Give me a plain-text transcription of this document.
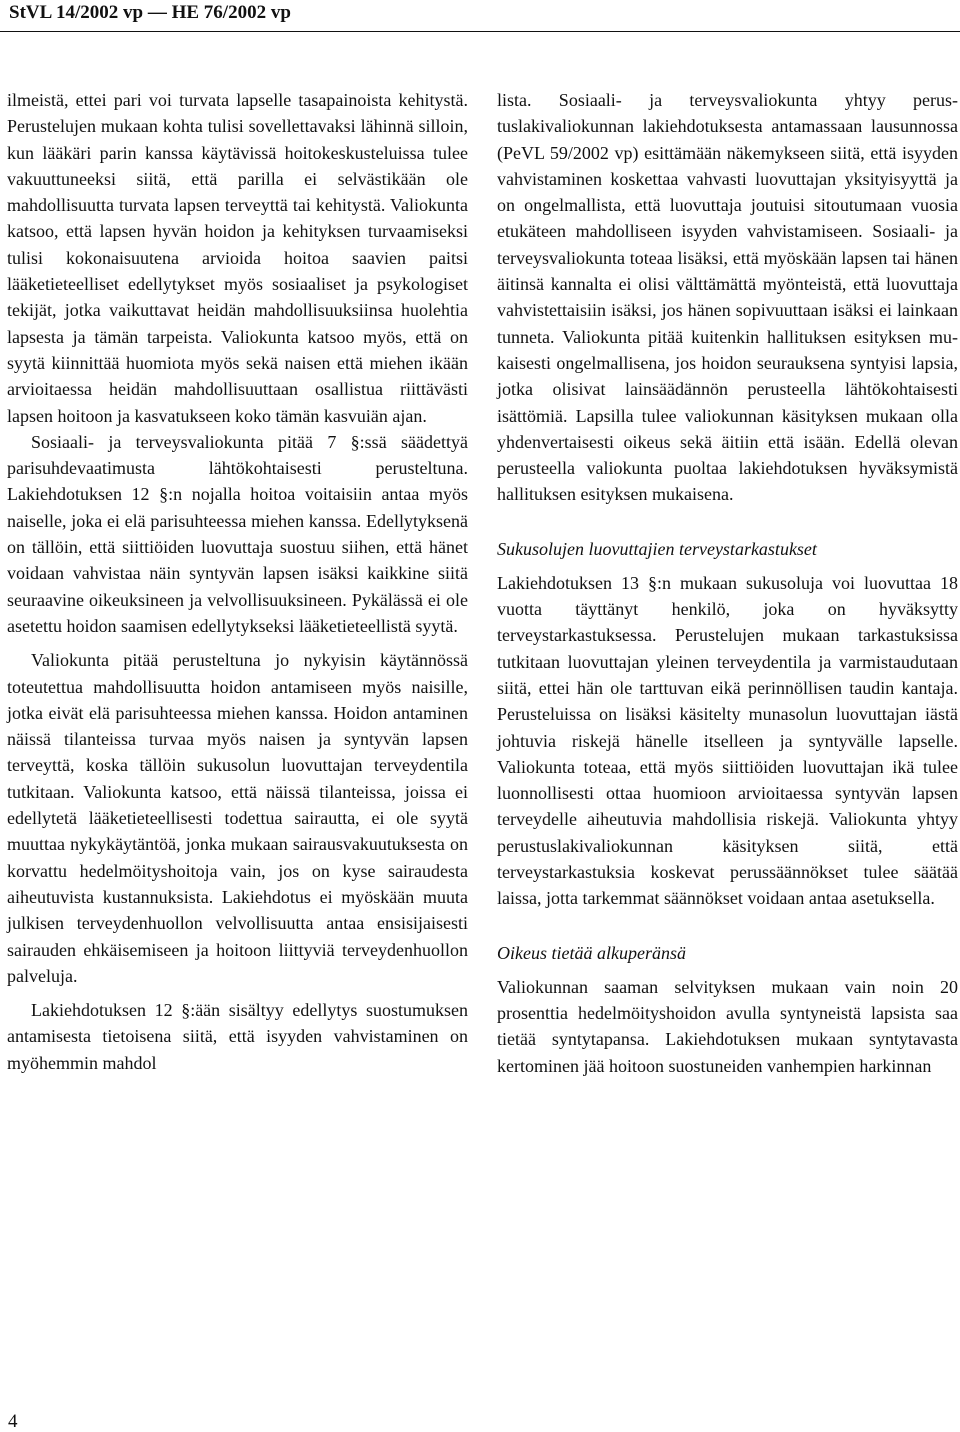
StVL 14/2002 vp — HE 76/2002 vp

ilmeistä, ettei pari voi turvata lapselle tasapainoista kehitystä. Perustelujen mukaan kohta tulisi sovellettavaksi lähinnä silloin, kun lääkäri parin kanssa käytävissä hoitokeskusteluissa tulee vakuuttuneeksi siitä, että parilla ei selvästikään ole mahdollisuutta turvata lapsen terveyttä tai kehitystä. Valiokunta katsoo, että lapsen hyvän hoidon ja kehityksen turvaamiseksi tulisi kokonaisuutena arvioida hoitoa saavien paitsi lääketieteelliset edellytykset myös sosiaaliset ja psykologiset tekijät, jotka vaikuttavat heidän mahdollisuuksiinsa huolehtia lapsesta ja tämän tarpeista. Valiokunta katsoo myös, että on syytä kiinnittää huomiota myös sekä naisen että miehen ikään arvioitaessa heidän mahdollisuuttaan osallistua riittävästi lapsen hoitoon ja kasvatukseen koko tämän kasvuiän ajan.

Sosiaali- ja terveysvaliokunta pitää 7 §:ssä säädettyä parisuhdevaatimusta lähtökohtaisesti perusteltuna. Lakiehdotuksen 12 §:n nojalla hoitoa voitaisiin antaa myös naiselle, joka ei elä parisuhteessa miehen kanssa. Edellytyksenä on tällöin, että siittiöiden luovuttaja suostuu siihen, että hänet voidaan vahvistaa näin syntyvän lapsen isäksi kaikkine siitä seuraavine oikeuksineen ja velvollisuuksineen. Pykälässä ei ole asetettu hoidon saamisen edellytykseksi lääketieteellistä syytä.

Valiokunta pitää perusteltuna jo nykyisin käytännössä toteutettua mahdollisuutta hoidon antamiseen myös naisille, jotka eivät elä parisuhteessa miehen kanssa. Hoidon antaminen näissä tilanteissa turvaa myös naisen ja syntyvän lapsen terveyttä, koska tällöin sukusolun luovuttajan terveydentila tutkitaan. Valiokunta katsoo, että näissä tilanteissa, joissa ei edellytetä lääketieteellisesti todettua sairautta, ei ole syytä muuttaa nykykäytäntöä, jonka mukaan sairausvakuutuksesta on korvattu hedelmöityshoitoja vain, jos on kyse sairaudesta aiheutuvista kustannuksista. Lakiehdotus ei myöskään muuta julkisen terveydenhuollon velvollisuutta antaa ensisijaisesti sairauden ehkäisemiseen ja hoitoon liittyviä terveydenhuollon palveluja.

Lakiehdotuksen 12 §:ään sisältyy edellytys suostumuksen antamisesta tietoisena siitä, että isyyden vahvistaminen on myöhemmin mahdol

lista. Sosiaali- ja terveysvaliokunta yhtyy perustuslakivaliokunnan lakiehdotuksesta antamassaan lausunnossa (PeVL 59/2002 vp) esittämään näkemykseen siitä, että isyyden vahvistaminen koskettaa vahvasti luovuttajan yksityisyyttä ja on ongelmallista, että luovuttaja joutuisi sitoutumaan vuosia etukäteen mahdolliseen isyyden vahvistamiseen. Sosiaali- ja terveysvaliokunta toteaa lisäksi, että myöskään lapsen tai hänen äitinsä kannalta ei olisi välttämättä myönteistä, että luovuttaja vahvistettaisiin isäksi, jos hänen sopivuuttaan isäksi ei lainkaan tunneta. Valiokunta pitää kuitenkin hallituksen esityksen mukaisesti ongelmallisena, jos hoidon seurauksena syntyisi lapsia, jotka olisivat lainsäädännön perusteella lähtökohtaisesti isättömiä. Lapsilla tulee valiokunnan käsityksen mukaan olla yhdenvertaisesti oikeus sekä äitiin että isään. Edellä olevan perusteella valiokunta puoltaa lakiehdotuksen hyväksymistä hallituksen esityksen mukaisena.

Sukusolujen luovuttajien terveystarkastukset

Lakiehdotuksen 13 §:n mukaan sukusoluja voi luovuttaa 18 vuotta täyttänyt henkilö, joka on hyväksytty terveystarkastuksessa. Perustelujen mukaan tarkastuksissa tutkitaan luovuttajan yleinen terveydentila ja varmistaudutaan siitä, ettei hän ole tarttuvan eikä perinnöllisen taudin kantaja. Perusteluissa on lisäksi käsitelty munasolun luovuttajan iästä johtuvia riskejä hänelle itselleen ja syntyvälle lapselle. Valiokunta toteaa, että myös siittiöiden luovuttajan ikä tulee luonnollisesti ottaa huomioon arvioitaessa syntyvän lapsen terveydelle aiheutuvia mahdollisia riskejä. Valiokunta yhtyy perustuslakivaliokunnan käsityksen siitä, että terveystarkastuksia koskevat perussäännökset tulee säätää laissa, jotta tarkemmat säännökset voidaan antaa asetuksella.

Oikeus tietää alkuperänsä

Valiokunnan saaman selvityksen mukaan vain noin 20 prosenttia hedelmöityshoidon avulla syntyneistä lapsista saa tietää syntytapansa. Lakiehdotuksen mukaan syntytavasta kertominen jää hoitoon suostuneiden vanhempien harkinnan

4
